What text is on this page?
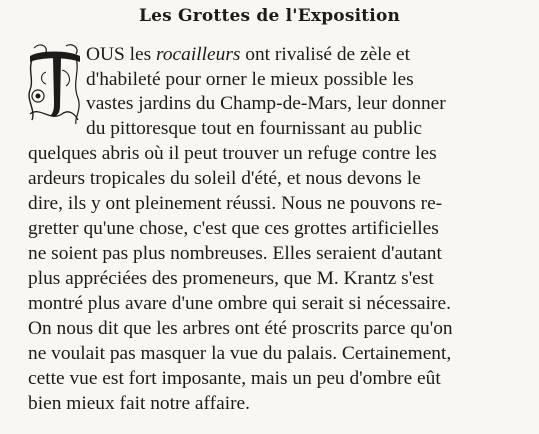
Les Grottes de l'Exposition
OUS les rocailleurs ont rivalisé de zèle et
d'habileté pour orner le mieux possible les
vastes jardins du Champ-de-Mars, leur donner
du pittoresque tout en fournissant au public
quelques abris où il peut trouver un refuge contre les
ardeurs tropicales du soleil d'été, et nous devons le
dire, ils y ont pleinement réussi. Nous ne pouvons re-
gretter qu'une chose, c'est que ces grottes artificielles
ne soient pas plus nombreuses. Elles seraient d'autant
plus appréciées des promeneurs, que M. Krantz s'est
montré plus avare d'une ombre qui serait si nécessaire.
On nous dit que les arbres ont été proscrits parce qu'on
ne voulait pas masquer la vue du palais. Certainement,
cette vue est fort imposante, mais un peu d'ombre eût
bien mieux fait notre affaire.
